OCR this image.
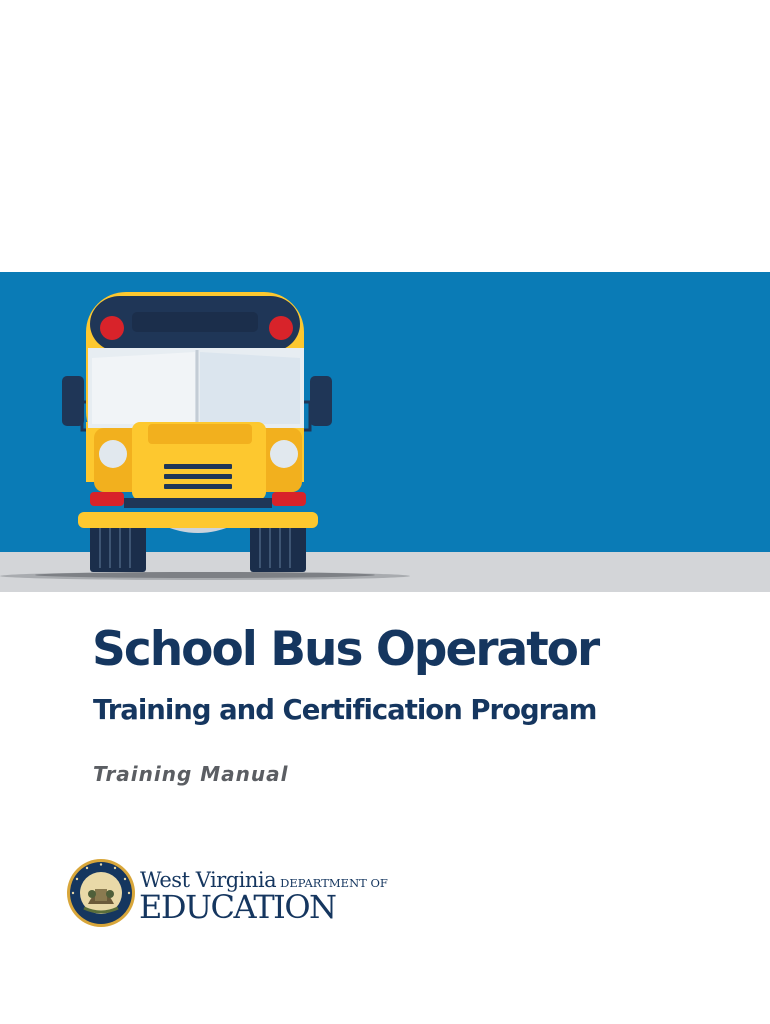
School Bus Operator
Training and Certification Program

Training Manual

West Virginia DEPARTMENT OF
EDUCATION
